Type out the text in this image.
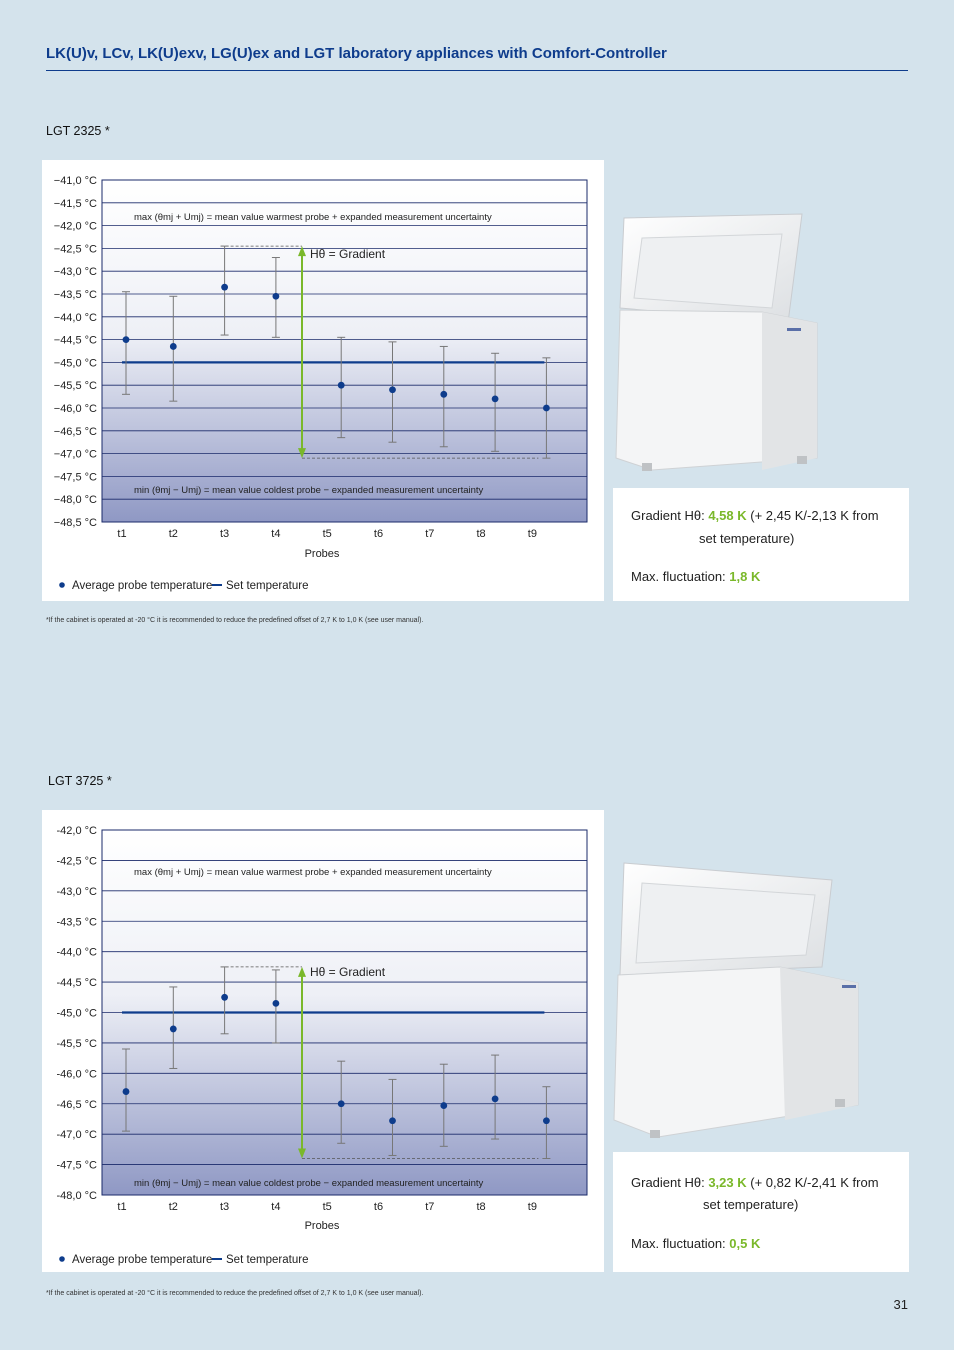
LK(U)v, LCv, LK(U)exv, LG(U)ex and LGT laboratory appliances with Comfort-Controller
LGT 2325 *
−41,0 °C
−41,5 °C
−42,0 °C
−42,5 °C
−43,0 °C
−43,5 °C
−44,0 °C
−44,5 °C
−45,0 °C
−45,5 °C
−46,0 °C
−46,5 °C
−47,0 °C
−47,5 °C
−48,0 °C
−48,5 °C
max (θmj + Umj) = mean value warmest probe + expanded measurement uncertainty
min (θmj − Umj) = mean value coldest probe − expanded measurement uncertainty
Hθ = Gradient
t1	t2	t3	t4	t5	t6	t7	t8	t9
Probes
Average probe temperature Set temperature
Gradient Hθ: 4,58 K (+ 2,45 K/-2,13 K from
set temperature)
Max. fluctuation: 1,8 K
*If the cabinet is operated at -20 °C it is recommended to reduce the predefined offset of 2,7 K to 1,0 K (see user manual).
LGT 3725 *
-42,0 °C
-42,5 °C
-43,0 °C
-43,5 °C
-44,0 °C
-44,5 °C
-45,0 °C
-45,5 °C
-46,0 °C
-46,5 °C
-47,0 °C
-47,5 °C
-48,0 °C
max (θmj + Umj) = mean value warmest probe + expanded measurement uncertainty
min (θmj − Umj) = mean value coldest probe − expanded measurement uncertainty
Hθ = Gradient
t1	t2	t3	t4	t5	t6	t7	t8	t9
Probes
Average probe temperature Set temperature
Gradient Hθ: 3,23 K (+ 0,82 K/-2,41 K from
set temperature)
Max. fluctuation: 0,5 K
*If the cabinet is operated at -20 °C it is recommended to reduce the predefined offset of 2,7 K to 1,0 K (see user manual).
31
